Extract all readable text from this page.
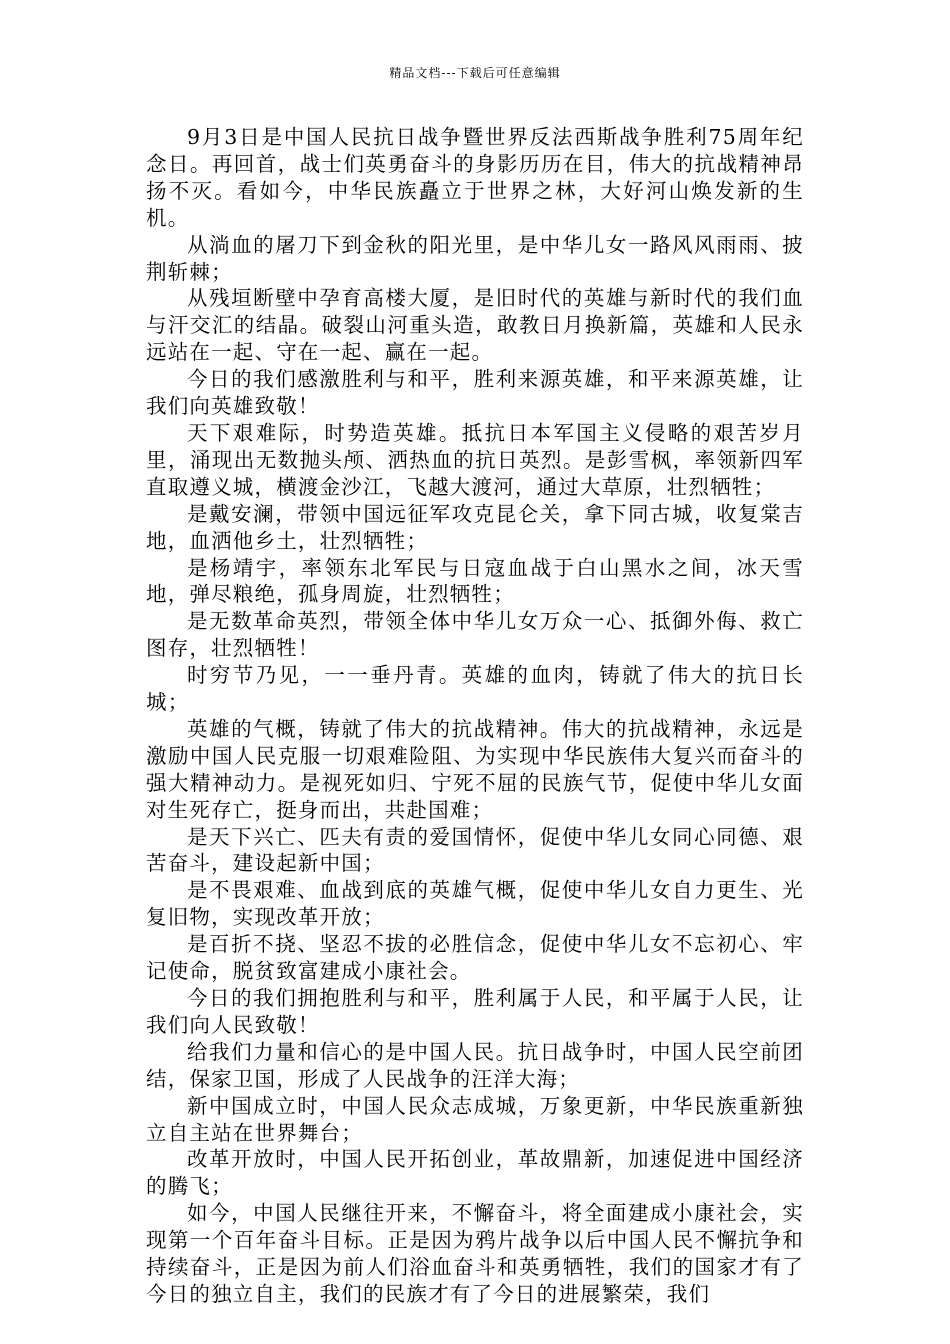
精品文档---下载后可任意编辑

9月3日是中国人民抗日战争暨世界反法西斯战争胜利75周年纪念日。再回首，战士们英勇奋斗的身影历历在目，伟大的抗战精神昂扬不灭。看如今，中华民族矗立于世界之林，大好河山焕发新的生机。

从淌血的屠刀下到金秋的阳光里，是中华儿女一路风风雨雨、披荆斩棘；

从残垣断壁中孕育高楼大厦，是旧时代的英雄与新时代的我们血与汗交汇的结晶。破裂山河重头造，敢教日月换新篇，英雄和人民永远站在一起、守在一起、赢在一起。

今日的我们感激胜利与和平，胜利来源英雄，和平来源英雄，让我们向英雄致敬！

天下艰难际，时势造英雄。抵抗日本军国主义侵略的艰苦岁月里，涌现出无数抛头颅、洒热血的抗日英烈。是彭雪枫，率领新四军直取遵义城，横渡金沙江，飞越大渡河，通过大草原，壮烈牺牲；

是戴安澜，带领中国远征军攻克昆仑关，拿下同古城，收复棠吉地，血洒他乡土，壮烈牺牲；

是杨靖宇，率领东北军民与日寇血战于白山黑水之间，冰天雪地，弹尽粮绝，孤身周旋，壮烈牺牲；

是无数革命英烈，带领全体中华儿女万众一心、抵御外侮、救亡图存，壮烈牺牲！

时穷节乃见，一一垂丹青。英雄的血肉，铸就了伟大的抗日长城；

英雄的气概，铸就了伟大的抗战精神。伟大的抗战精神，永远是激励中国人民克服一切艰难险阻、为实现中华民族伟大复兴而奋斗的强大精神动力。是视死如归、宁死不屈的民族气节，促使中华儿女面对生死存亡，挺身而出，共赴国难；

是天下兴亡、匹夫有责的爱国情怀，促使中华儿女同心同德、艰苦奋斗，建设起新中国；

是不畏艰难、血战到底的英雄气概，促使中华儿女自力更生、光复旧物，实现改革开放；

是百折不挠、坚忍不拔的必胜信念，促使中华儿女不忘初心、牢记使命，脱贫致富建成小康社会。

今日的我们拥抱胜利与和平，胜利属于人民，和平属于人民，让我们向人民致敬！

给我们力量和信心的是中国人民。抗日战争时，中国人民空前团结，保家卫国，形成了人民战争的汪洋大海；

新中国成立时，中国人民众志成城，万象更新，中华民族重新独立自主站在世界舞台；

改革开放时，中国人民开拓创业，革故鼎新，加速促进中国经济的腾飞；

如今，中国人民继往开来，不懈奋斗，将全面建成小康社会，实现第一个百年奋斗目标。正是因为鸦片战争以后中国人民不懈抗争和持续奋斗，正是因为前人们浴血奋斗和英勇牺牲，我们的国家才有了今日的独立自主，我们的民族才有了今日的进展繁荣，我们
